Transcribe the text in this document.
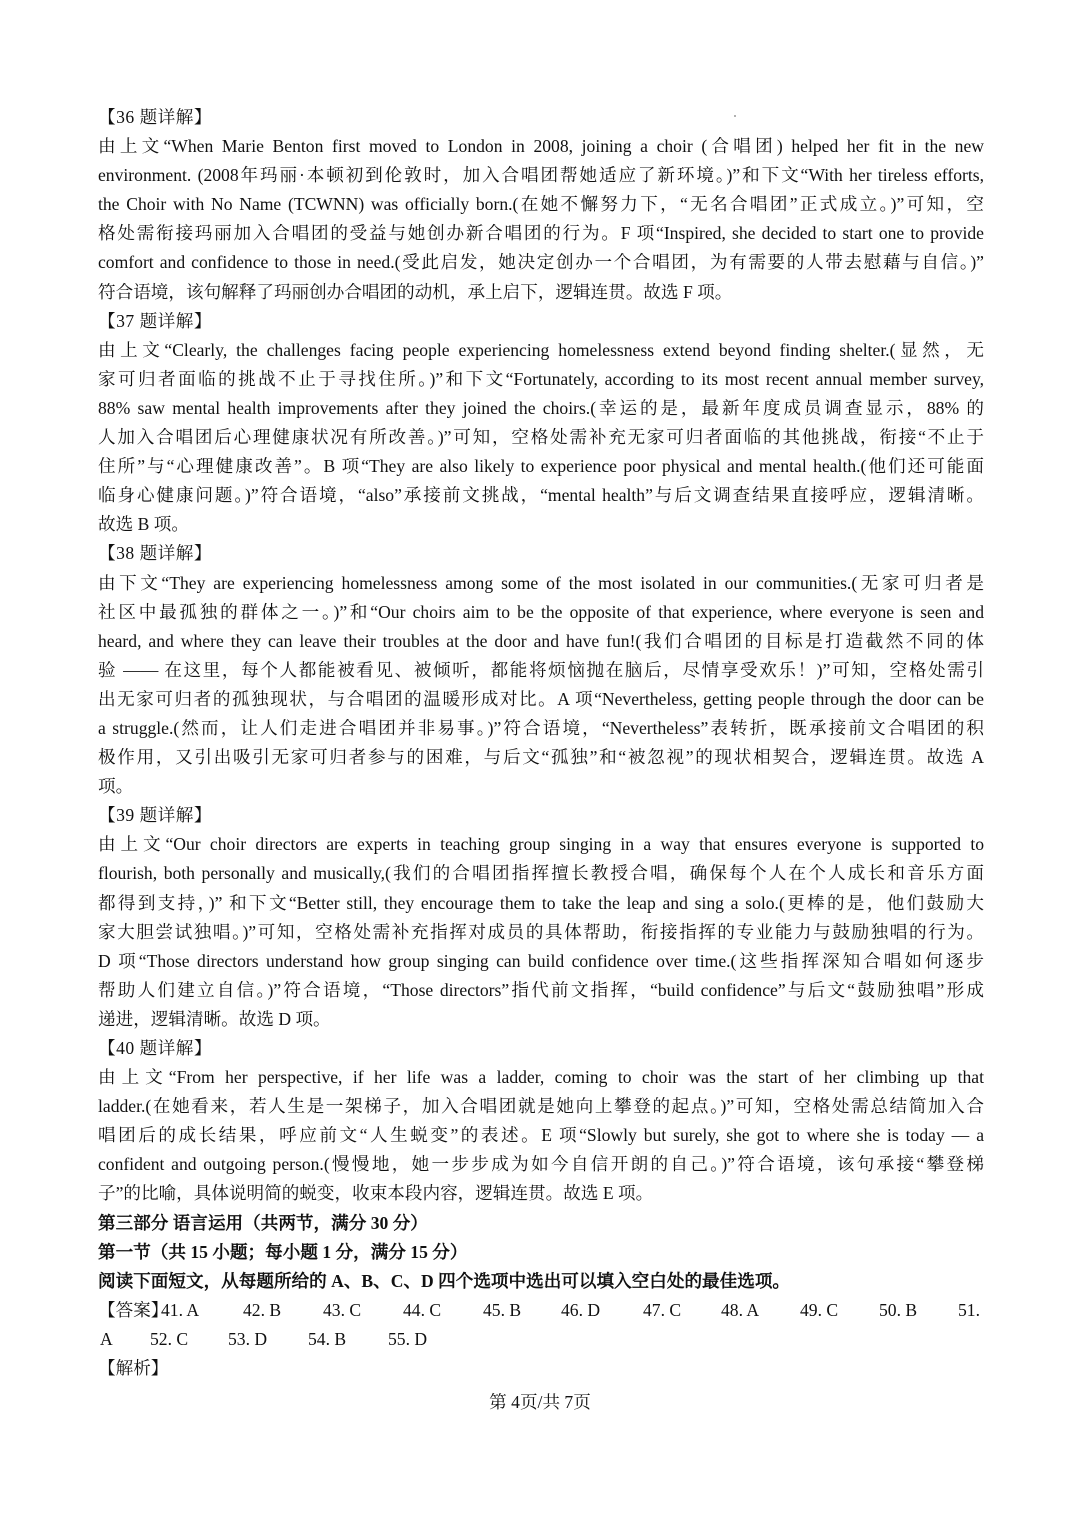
【36 题详解】
由上文“When Marie Benton first moved to London in 2008, joining a choir (合唱团) helped her fit in the new
environment. (2008年玛丽·本顿初到伦敦时，加入合唱团帮她适应了新环境。)”和下文“With her tireless efforts,
the Choir with No Name (TCWNN) was officially born.(在她不懈努力下，“无名合唱团”正式成立。)”可知，空
格处需衔接玛丽加入合唱团的受益与她创办新合唱团的行为。F 项“Inspired, she decided to start one to provide
comfort and confidence to those in need.(受此启发，她决定创办一个合唱团，为有需要的人带去慰藉与自信。)”
符合语境，该句解释了玛丽创办合唱团的动机，承上启下，逻辑连贯。故选 F 项。
【37 题详解】
由上文“Clearly, the challenges facing people experiencing homelessness extend beyond finding shelter.(显然，无
家可归者面临的挑战不止于寻找住所。)”和下文“Fortunately, according to its most recent annual member survey,
88% saw mental health improvements after they joined the choirs.(幸运的是，最新年度成员调查显示，88% 的
人加入合唱团后心理健康状况有所改善。)”可知，空格处需补充无家可归者面临的其他挑战，衔接“不止于
住所”与“心理健康改善”。B 项“They are also likely to experience poor physical and mental health.(他们还可能面
临身心健康问题。)”符合语境，“also”承接前文挑战，“mental health”与后文调查结果直接呼应，逻辑清晰。
故选 B 项。
【38 题详解】
由下文“They are experiencing homelessness among some of the most isolated in our communities.(无家可归者是
社区中最孤独的群体之一。)”和“Our choirs aim to be the opposite of that experience, where everyone is seen and
heard, and where they can leave their troubles at the door and have fun!(我们合唱团的目标是打造截然不同的体
验 —— 在这里，每个人都能被看见、被倾听，都能将烦恼抛在脑后，尽情享受欢乐！)”可知，空格处需引
出无家可归者的孤独现状，与合唱团的温暖形成对比。A 项“Nevertheless, getting people through the door can be
a struggle.(然而，让人们走进合唱团并非易事。)”符合语境，“Nevertheless”表转折，既承接前文合唱团的积
极作用，又引出吸引无家可归者参与的困难，与后文“孤独”和“被忽视”的现状相契合，逻辑连贯。故选 A
项。
【39 题详解】
由上文“Our choir directors are experts in teaching group singing in a way that ensures everyone is supported to
flourish, both personally and musically,(我们的合唱团指挥擅长教授合唱，确保每个人在个人成长和音乐方面
都得到支持，)” 和下文“Better still, they encourage them to take the leap and sing a solo.(更棒的是，他们鼓励大
家大胆尝试独唱。)”可知，空格处需补充指挥对成员的具体帮助，衔接指挥的专业能力与鼓励独唱的行为。
D 项“Those directors understand how group singing can build confidence over time.(这些指挥深知合唱如何逐步
帮助人们建立自信。)”符合语境，“Those directors”指代前文指挥，“build confidence”与后文“鼓励独唱”形成
递进，逻辑清晰。故选 D 项。
【40 题详解】
由上文“From her perspective, if her life was a ladder, coming to choir was the start of her climbing up that
ladder.(在她看来，若人生是一架梯子，加入合唱团就是她向上攀登的起点。)”可知，空格处需总结简加入合
唱团后的成长结果，呼应前文“人生蜕变”的表述。E 项“Slowly but surely, she got to where she is today — a
confident and outgoing person.(慢慢地，她一步步成为如今自信开朗的自己。)”符合语境，该句承接“攀登梯
子”的比喻，具体说明简的蜕变，收束本段内容，逻辑连贯。故选 E 项。
第三部分 语言运用（共两节，满分 30 分）
第一节（共 15 小题；每小题 1 分，满分 15 分）
阅读下面短文，从每题所给的 A、B、C、D 四个选项中选出可以填入空白处的最佳选项。
【答案】
41. A 42. B 43. C 44. C 45. B 46. D 47. C 48. A 49. C 50. B 51.
A 52. C 53. D 54. B 55. D
【解析】
第 4页/共 7页
